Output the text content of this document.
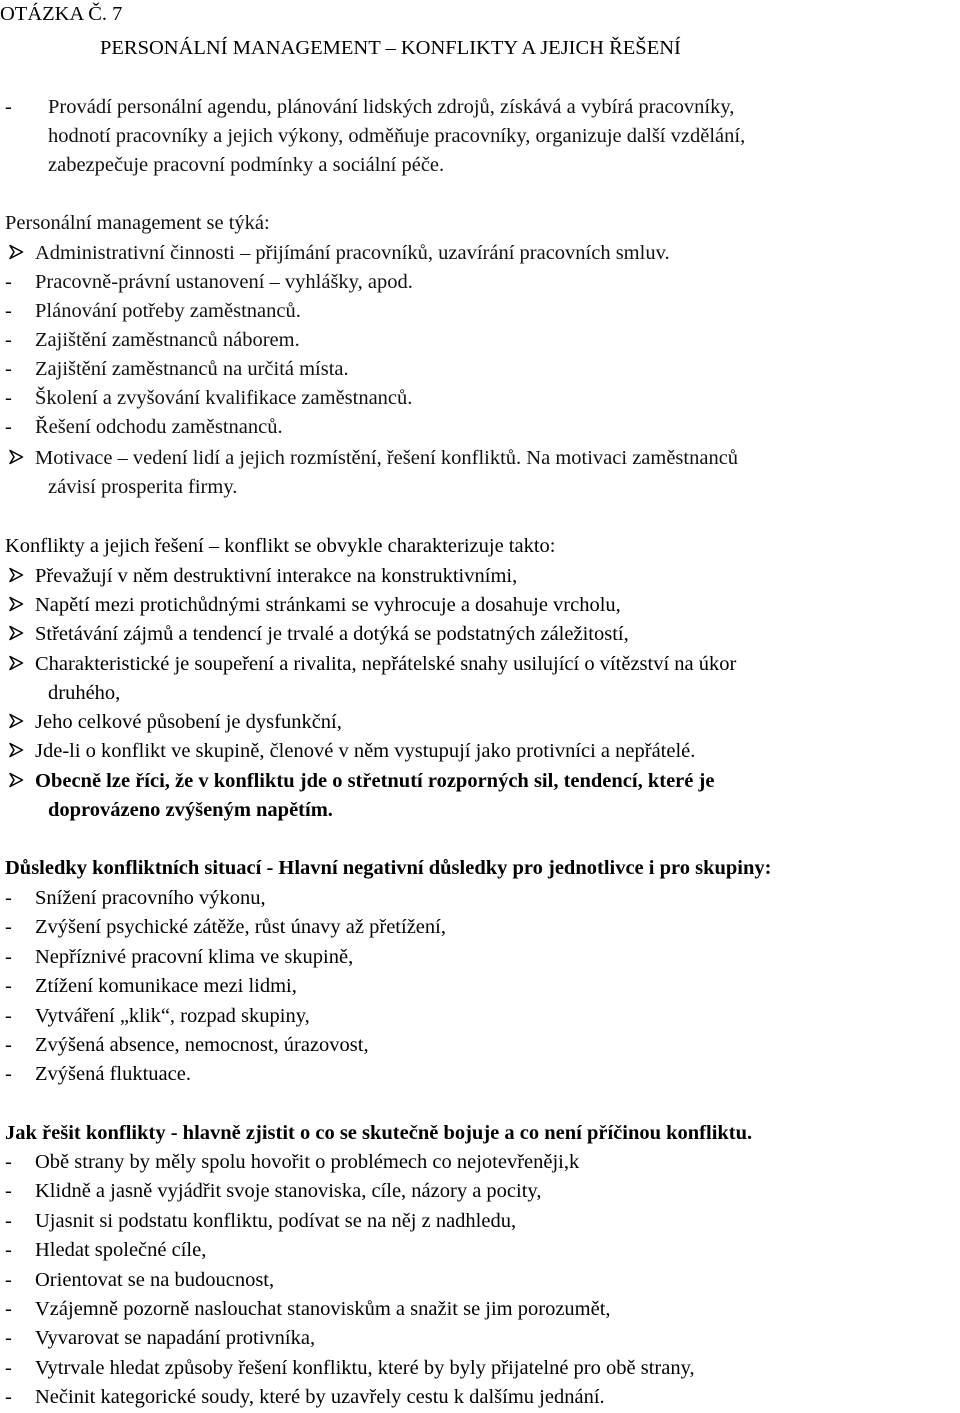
OTÁZKA Č. 7
PERSONÁLNÍ MANAGEMENT – KONFLIKTY A JEJICH ŘEŠENÍ
- Provádí personální agendu, plánování lidských zdrojů, získává a vybírá pracovníky,
hodnotí pracovníky a jejich výkony, odměňuje pracovníky, organizuje další vzdělání,
zabezpečuje pracovní podmínky a sociální péče.
Personální management se týká:
Administrativní činnosti – přijímání pracovníků, uzavírání pracovních smluv.
- Pracovně-právní ustanovení – vyhlášky, apod.
- Plánování potřeby zaměstnanců.
- Zajištění zaměstnanců náborem.
- Zajištění zaměstnanců na určitá místa.
- Školení a zvyšování kvalifikace zaměstnanců.
- Řešení odchodu zaměstnanců.
Motivace – vedení lidí a jejich rozmístění, řešení konfliktů. Na motivaci zaměstnanců
závisí prosperita firmy.
Konflikty a jejich řešení – konflikt se obvykle charakterizuje takto:
Převažují v něm destruktivní interakce na konstruktivními,
Napětí mezi protichůdnými stránkami se vyhrocuje a dosahuje vrcholu,
Střetávání zájmů a tendencí je trvalé a dotýká se podstatných záležitostí,
Charakteristické je soupeření a rivalita, nepřátelské snahy usilující o vítězství na úkor
druhého,
Jeho celkové působení je dysfunkční,
Jde-li o konflikt ve skupině, členové v něm vystupují jako protivníci a nepřátelé.
Obecně lze říci, že v konfliktu jde o střetnutí rozporných sil, tendencí, které je
doprovázeno zvýšeným napětím.
Důsledky konfliktních situací - Hlavní negativní důsledky pro jednotlivce i pro skupiny:
- Snížení pracovního výkonu,
- Zvýšení psychické zátěže, růst únavy až přetížení,
- Nepříznivé pracovní klima ve skupině,
- Ztížení komunikace mezi lidmi,
- Vytváření „klik“, rozpad skupiny,
- Zvýšená absence, nemocnost, úrazovost,
- Zvýšená fluktuace.
Jak řešit konflikty - hlavně zjistit o co se skutečně bojuje a co není příčinou konfliktu.
- Obě strany by měly spolu hovořit o problémech co nejotevřeněji,k
- Klidně a jasně vyjádřit svoje stanoviska, cíle, názory a pocity,
- Ujasnit si podstatu konfliktu, podívat se na něj z nadhledu,
- Hledat společné cíle,
- Orientovat se na budoucnost,
- Vzájemně pozorně naslouchat stanoviskům a snažit se jim porozumět,
- Vyvarovat se napadání protivníka,
- Vytrvale hledat způsoby řešení konfliktu, které by byly přijatelné pro obě strany,
- Nečinit kategorické soudy, které by uzavřely cestu k dalšímu jednání.
